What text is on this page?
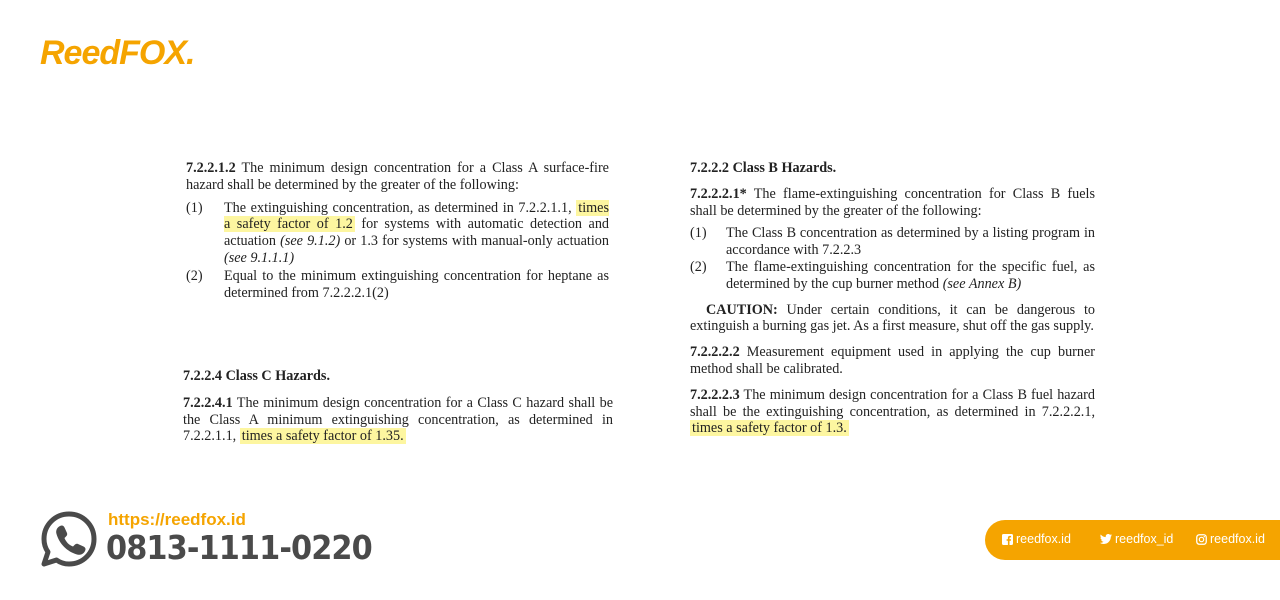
ReedFOX.

7.2.2.1.2 The minimum design concentration for a Class A surface-fire hazard shall be determined by the greater of the following:

(1)	The extinguishing concentration, as determined in 7.2.2.1.1, times a safety factor of 1.2 for systems with automatic detection and actuation (see 9.1.2) or 1.3 for systems with manual-only actuation (see 9.1.1.1)
(2)	Equal to the minimum extinguishing concentration for heptane as determined from 7.2.2.2.1(2)

7.2.2.4 Class C Hazards.

7.2.2.4.1 The minimum design concentration for a Class C hazard shall be the Class A minimum extinguishing concentration, as determined in 7.2.2.1.1, times a safety factor of 1.35.

7.2.2.2 Class B Hazards.

7.2.2.2.1* The flame-extinguishing concentration for Class B fuels shall be determined by the greater of the following:

(1)	The Class B concentration as determined by a listing program in accordance with 7.2.2.3
(2)	The flame-extinguishing concentration for the specific fuel, as determined by the cup burner method (see Annex B)

CAUTION: Under certain conditions, it can be dangerous to extinguish a burning gas jet. As a first measure, shut off the gas supply.

7.2.2.2.2 Measurement equipment used in applying the cup burner method shall be calibrated.

7.2.2.2.3 The minimum design concentration for a Class B fuel hazard shall be the extinguishing concentration, as determined in 7.2.2.2.1, times a safety factor of 1.3.

https://reedfox.id
0813-1111-0220	reedfox.id	reedfox_id	reedfox.id
